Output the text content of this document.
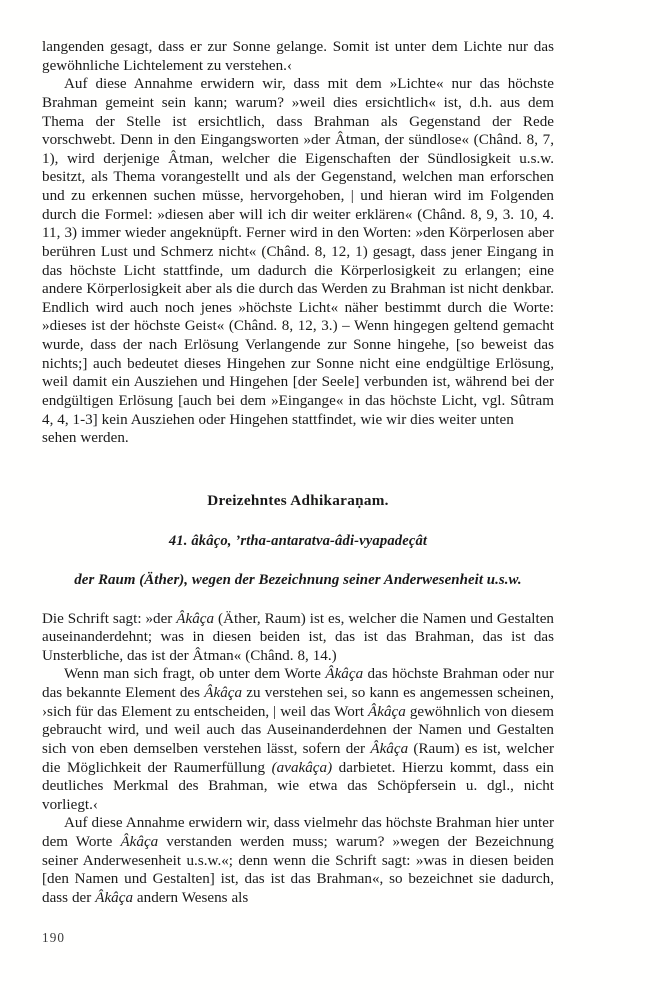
langenden gesagt, dass er zur Sonne gelange. Somit ist unter dem Lichte nur das gewöhnliche Lichtelement zu verstehen.‹

Auf diese Annahme erwidern wir, dass mit dem »Lichte« nur das höchste Brahman gemeint sein kann; warum? »weil dies ersichtlich« ist, d.h. aus dem Thema der Stelle ist ersichtlich, dass Brahman als Gegenstand der Rede vorschwebt. Denn in den Eingangsworten »der Âtman, der sündlose« (Chând. 8, 7, 1), wird derjenige Âtman, welcher die Eigenschaften der Sündlosigkeit u.s.w. besitzt, als Thema vorangestellt und als der Gegenstand, welchen man erforschen und zu erkennen suchen müsse, hervorgehoben, | und hieran wird im Folgenden durch die Formel: »diesen aber will ich dir weiter erklären« (Chând. 8, 9, 3. 10, 4. 11, 3) immer wieder angeknüpft. Ferner wird in den Worten: »den Körperlosen aber berühren Lust und Schmerz nicht« (Chând. 8, 12, 1) gesagt, dass jener Eingang in das höchste Licht stattfinde, um dadurch die Körperlosigkeit zu erlangen; eine andere Körperlosigkeit aber als die durch das Werden zu Brahman ist nicht denkbar. Endlich wird auch noch jenes »höchste Licht« näher bestimmt durch die Worte: »dieses ist der höchste Geist« (Chând. 8, 12, 3.) – Wenn hingegen geltend gemacht wurde, dass der nach Erlösung Verlangende zur Sonne hingehe, [so beweist das nichts;] auch bedeutet dieses Hingehen zur Sonne nicht eine endgültige Erlösung, weil damit ein Ausziehen und Hingehen [der Seele] verbunden ist, während bei der endgültigen Erlösung [auch bei dem »Eingange« in das höchste Licht, vgl. Sûtram 4, 4, 1-3] kein Ausziehen oder Hingehen stattfindet, wie wir dies weiter unten

sehen werden.

Dreizehntes Adhikaraṇam.

41. âkâço, ’rtha-antaratva-âdi-vyapadeçât

der Raum (Äther), wegen der Bezeichnung seiner Anderwesenheit u.s.w.

Die Schrift sagt: »der Âkâça (Äther, Raum) ist es, welcher die Namen und Gestalten auseinanderdehnt; was in diesen beiden ist, das ist das Brahman, das ist das Unsterbliche, das ist der Âtman« (Chând. 8, 14.)

Wenn man sich fragt, ob unter dem Worte Âkâça das höchste Brahman oder nur das bekannte Element des Âkâça zu verstehen sei, so kann es angemessen scheinen, ›sich für das Element zu entscheiden, | weil das Wort Âkâça gewöhnlich von diesem gebraucht wird, und weil auch das Auseinanderdehnen der Namen und Gestalten sich von eben demselben verstehen lässt, sofern der Âkâça (Raum) es ist, welcher die Möglichkeit der Raumerfüllung (avakâça) darbietet. Hierzu kommt, dass ein deutliches Merkmal des Brahman, wie etwa das Schöpfersein u. dgl., nicht vorliegt.‹

Auf diese Annahme erwidern wir, dass vielmehr das höchste Brahman hier unter dem Worte Âkâça verstanden werden muss; warum? »wegen der Bezeichnung seiner Anderwesenheit u.s.w.«; denn wenn die Schrift sagt: »was in diesen beiden [den Namen und Gestalten] ist, das ist das Brahman«, so bezeichnet sie dadurch, dass der Âkâça andern Wesens als

190
